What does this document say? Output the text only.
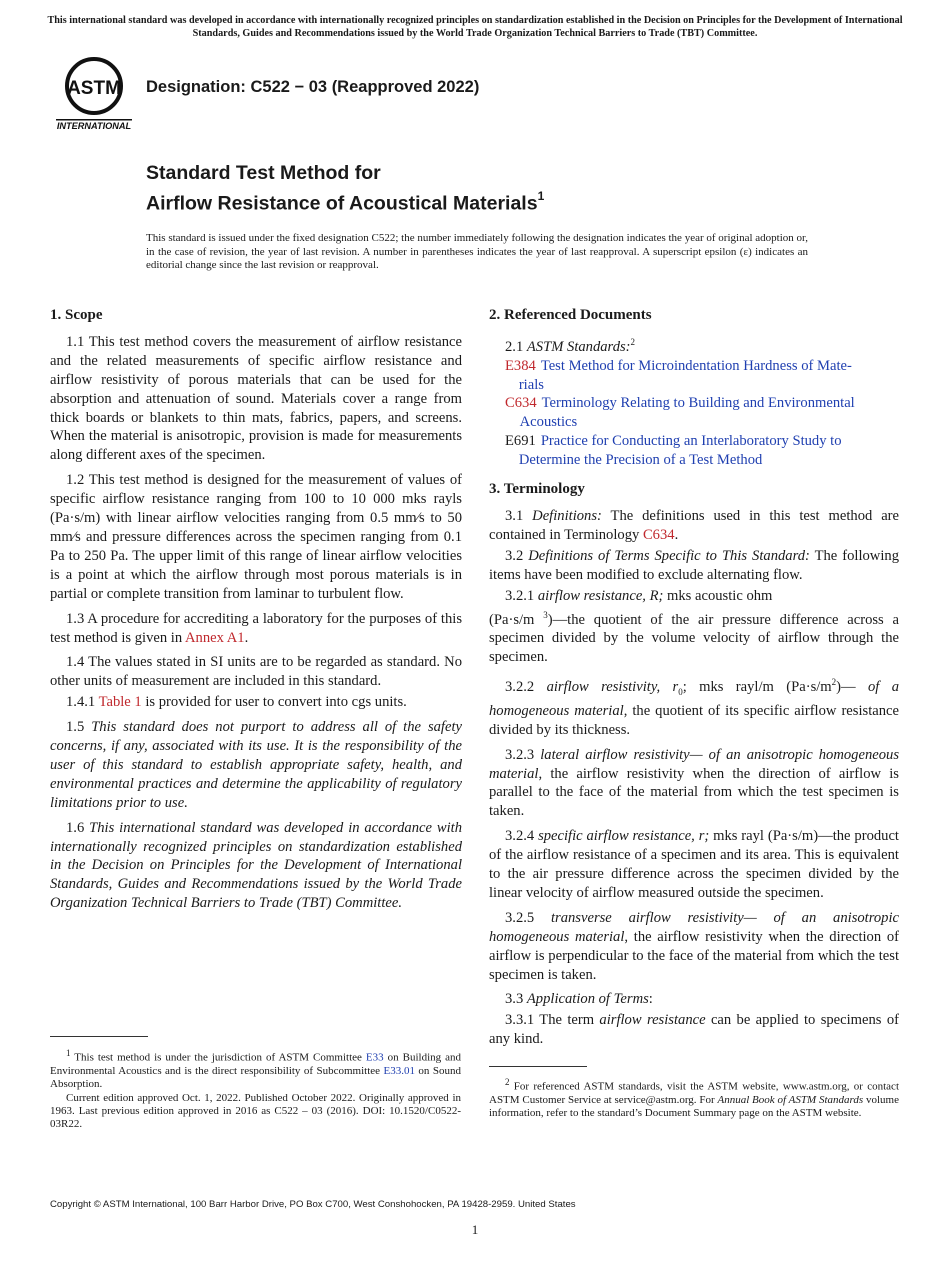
This international standard was developed in accordance with internationally recognized principles on standardization established in the Decision on Principles for the Development of International Standards, Guides and Recommendations issued by the World Trade Organization Technical Barriers to Trade (TBT) Committee.
ASTM
INTERNATIONAL
Designation: C522 − 03 (Reapproved 2022)
Standard Test Method for
Airflow Resistance of Acoustical Materials$^1$
This standard is issued under the fixed designation C522; the number immediately following the designation indicates the year of original adoption or, in the case of revision, the year of last revision. A number in parentheses indicates the year of last reapproval. A superscript epsilon (ε) indicates an editorial change since the last revision or reapproval.

1. Scope

1.1 This test method covers the measurement of airflow resistance and the related measurements of specific airflow resistance and airflow resistivity of porous materials that can be used for the absorption and attenuation of sound. Materials cover a range from thick boards or blankets to thin mats, fabrics, papers, and screens. When the material is anisotropic, provision is made for measurements along different axes of the specimen.

1.2 This test method is designed for the measurement of values of specific airflow resistance ranging from 100 to 10 000 mks rayls (Pa·s/m) with linear airflow velocities ranging from 0.5 mm⁄s to 50 mm⁄s and pressure differences across the specimen ranging from 0.1 Pa to 250 Pa. The upper limit of this range of linear airflow velocities is a point at which the airflow through most porous materials is in partial or complete transition from laminar to turbulent flow.

1.3 A procedure for accrediting a laboratory for the purposes of this test method is given in Annex A1.

1.4 The values stated in SI units are to be regarded as standard. No other units of measurement are included in this standard.

1.4.1 Table 1 is provided for user to convert into cgs units.

1.5 This standard does not purport to address all of the safety concerns, if any, associated with its use. It is the responsibility of the user of this standard to establish appropriate safety, health, and environmental practices and determine the applicability of regulatory limitations prior to use.

1.6 This international standard was developed in accordance with internationally recognized principles on standardization established in the Decision on Principles for the Development of International Standards, Guides and Recommendations issued by the World Trade Organization Technical Barriers to Trade (TBT) Committee.

$^1$ This test method is under the jurisdiction of ASTM Committee E33 on Building and Environmental Acoustics and is the direct responsibility of Subcommittee E33.01 on Sound Absorption.

Current edition approved Oct. 1, 2022. Published October 2022. Originally approved in 1963. Last previous edition approved in 2016 as C522 – 03 (2016). DOI: 10.1520/C0522-03R22.

2. Referenced Documents

2.1 ASTM Standards:$^2$

E384 Test Method for Microindentation Hardness of Mate-
rials
C634 Terminology Relating to Building and Environmental
Acoustics
E691 Practice for Conducting an Interlaboratory Study to
Determine the Precision of a Test Method

3. Terminology

3.1 Definitions: The definitions used in this test method are contained in Terminology C634.

3.2 Definitions of Terms Specific to This Standard: The following items have been modified to exclude alternating flow.

3.2.1 airflow resistance, R; mks acoustic ohm
(Pa·s/m $^3$)—the quotient of the air pressure difference across a specimen divided by the volume velocity of airflow through the specimen.

3.2.2 airflow resistivity, $r_0$; mks rayl/m $(Pa\cdot s/m^2)—$ of a homogeneous material, the quotient of its specific airflow resistance divided by its thickness.

3.2.3 lateral airflow resistivity— of an anisotropic homogeneous material, the airflow resistivity when the direction of airflow is parallel to the face of the material from which the test specimen is taken.

3.2.4 specific airflow resistance, r; mks rayl (Pa·s/m)—the product of the airflow resistance of a specimen and its area. This is equivalent to the air pressure difference across the specimen divided by the linear velocity of airflow measured outside the specimen.

3.2.5 transverse airflow resistivity— of an anisotropic homogeneous material, the airflow resistivity when the direction of airflow is perpendicular to the face of the material from which the test specimen is taken.

3.3 Application of Terms:

3.3.1 The term airflow resistance can be applied to specimens of any kind.

$^2$ For referenced ASTM standards, visit the ASTM website, www.astm.org, or contact ASTM Customer Service at service@astm.org. For Annual Book of ASTM Standards volume information, refer to the standard’s Document Summary page on the ASTM website.

Copyright © ASTM International, 100 Barr Harbor Drive, PO Box C700, West Conshohocken, PA 19428-2959. United States
1
